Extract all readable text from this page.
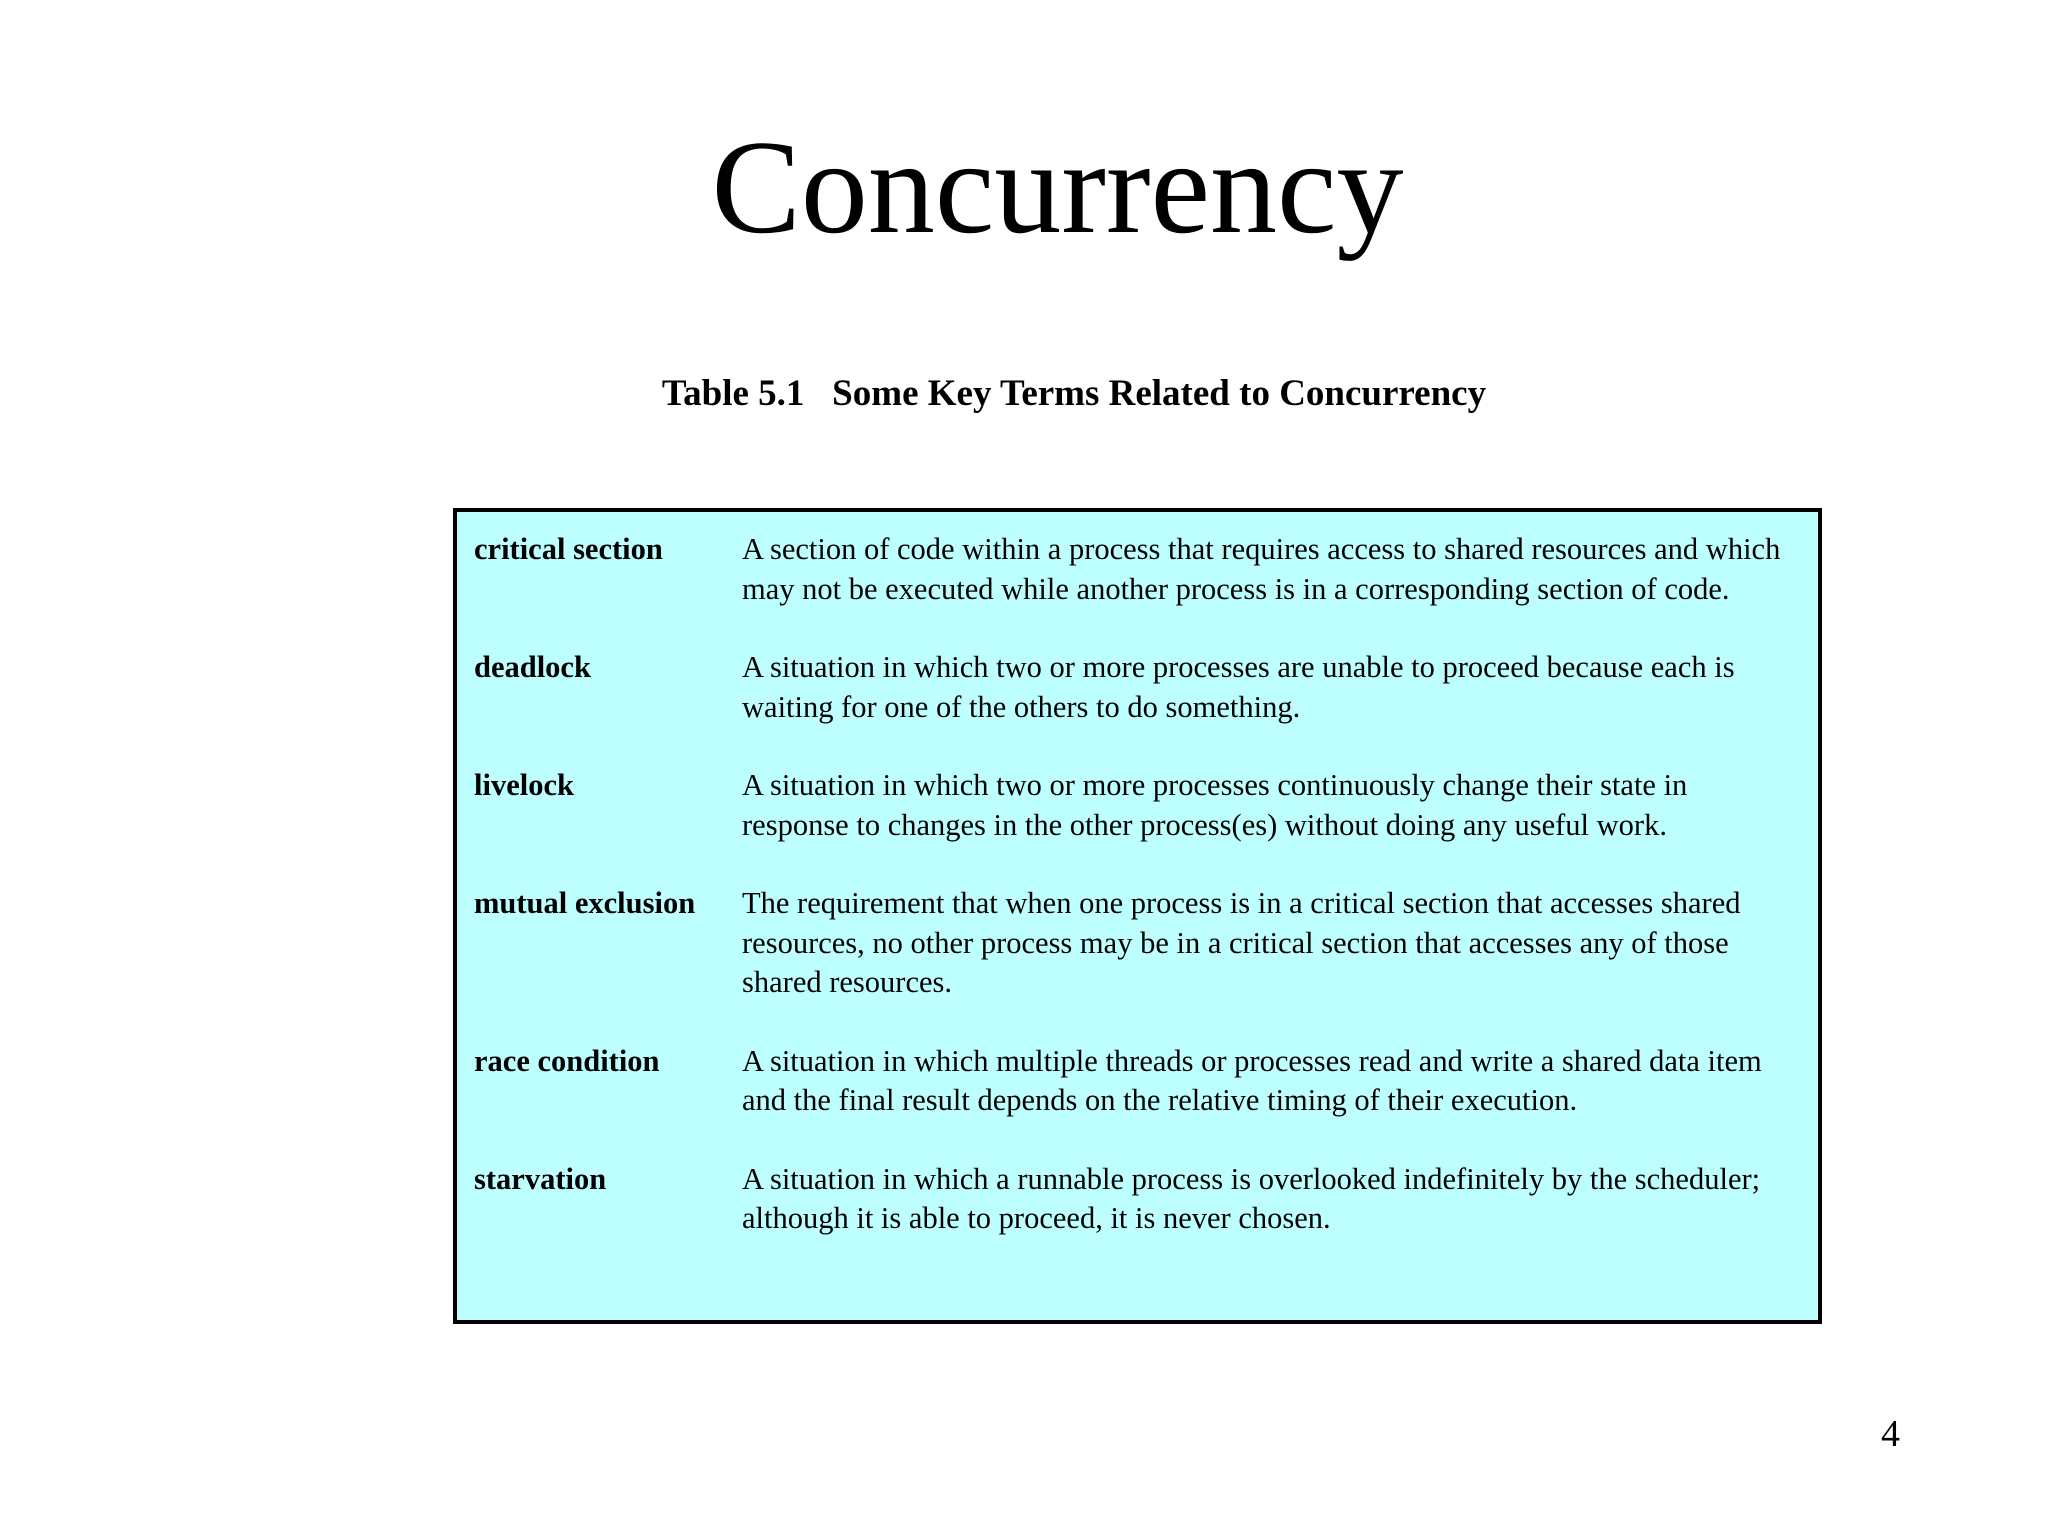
Concurrency
Table 5.1   Some Key Terms Related to Concurrency
critical section	A section of code within a process that requires access to shared resources and which may not be executed while another process is in a corresponding section of code.
deadlock	A situation in which two or more processes are unable to proceed because each is waiting for one of the others to do something.
livelock	A situation in which two or more processes continuously change their state in response to changes in the other process(es) without doing any useful work.
mutual exclusion	The requirement that when one process is in a critical section that accesses shared resources, no other process may be in a critical section that accesses any of those shared resources.
race condition	A situation in which multiple threads or processes read and write a shared data item and the final result depends on the relative timing of their execution.
starvation	A situation in which a runnable process is overlooked indefinitely by the scheduler; although it is able to proceed, it is never chosen.
4
